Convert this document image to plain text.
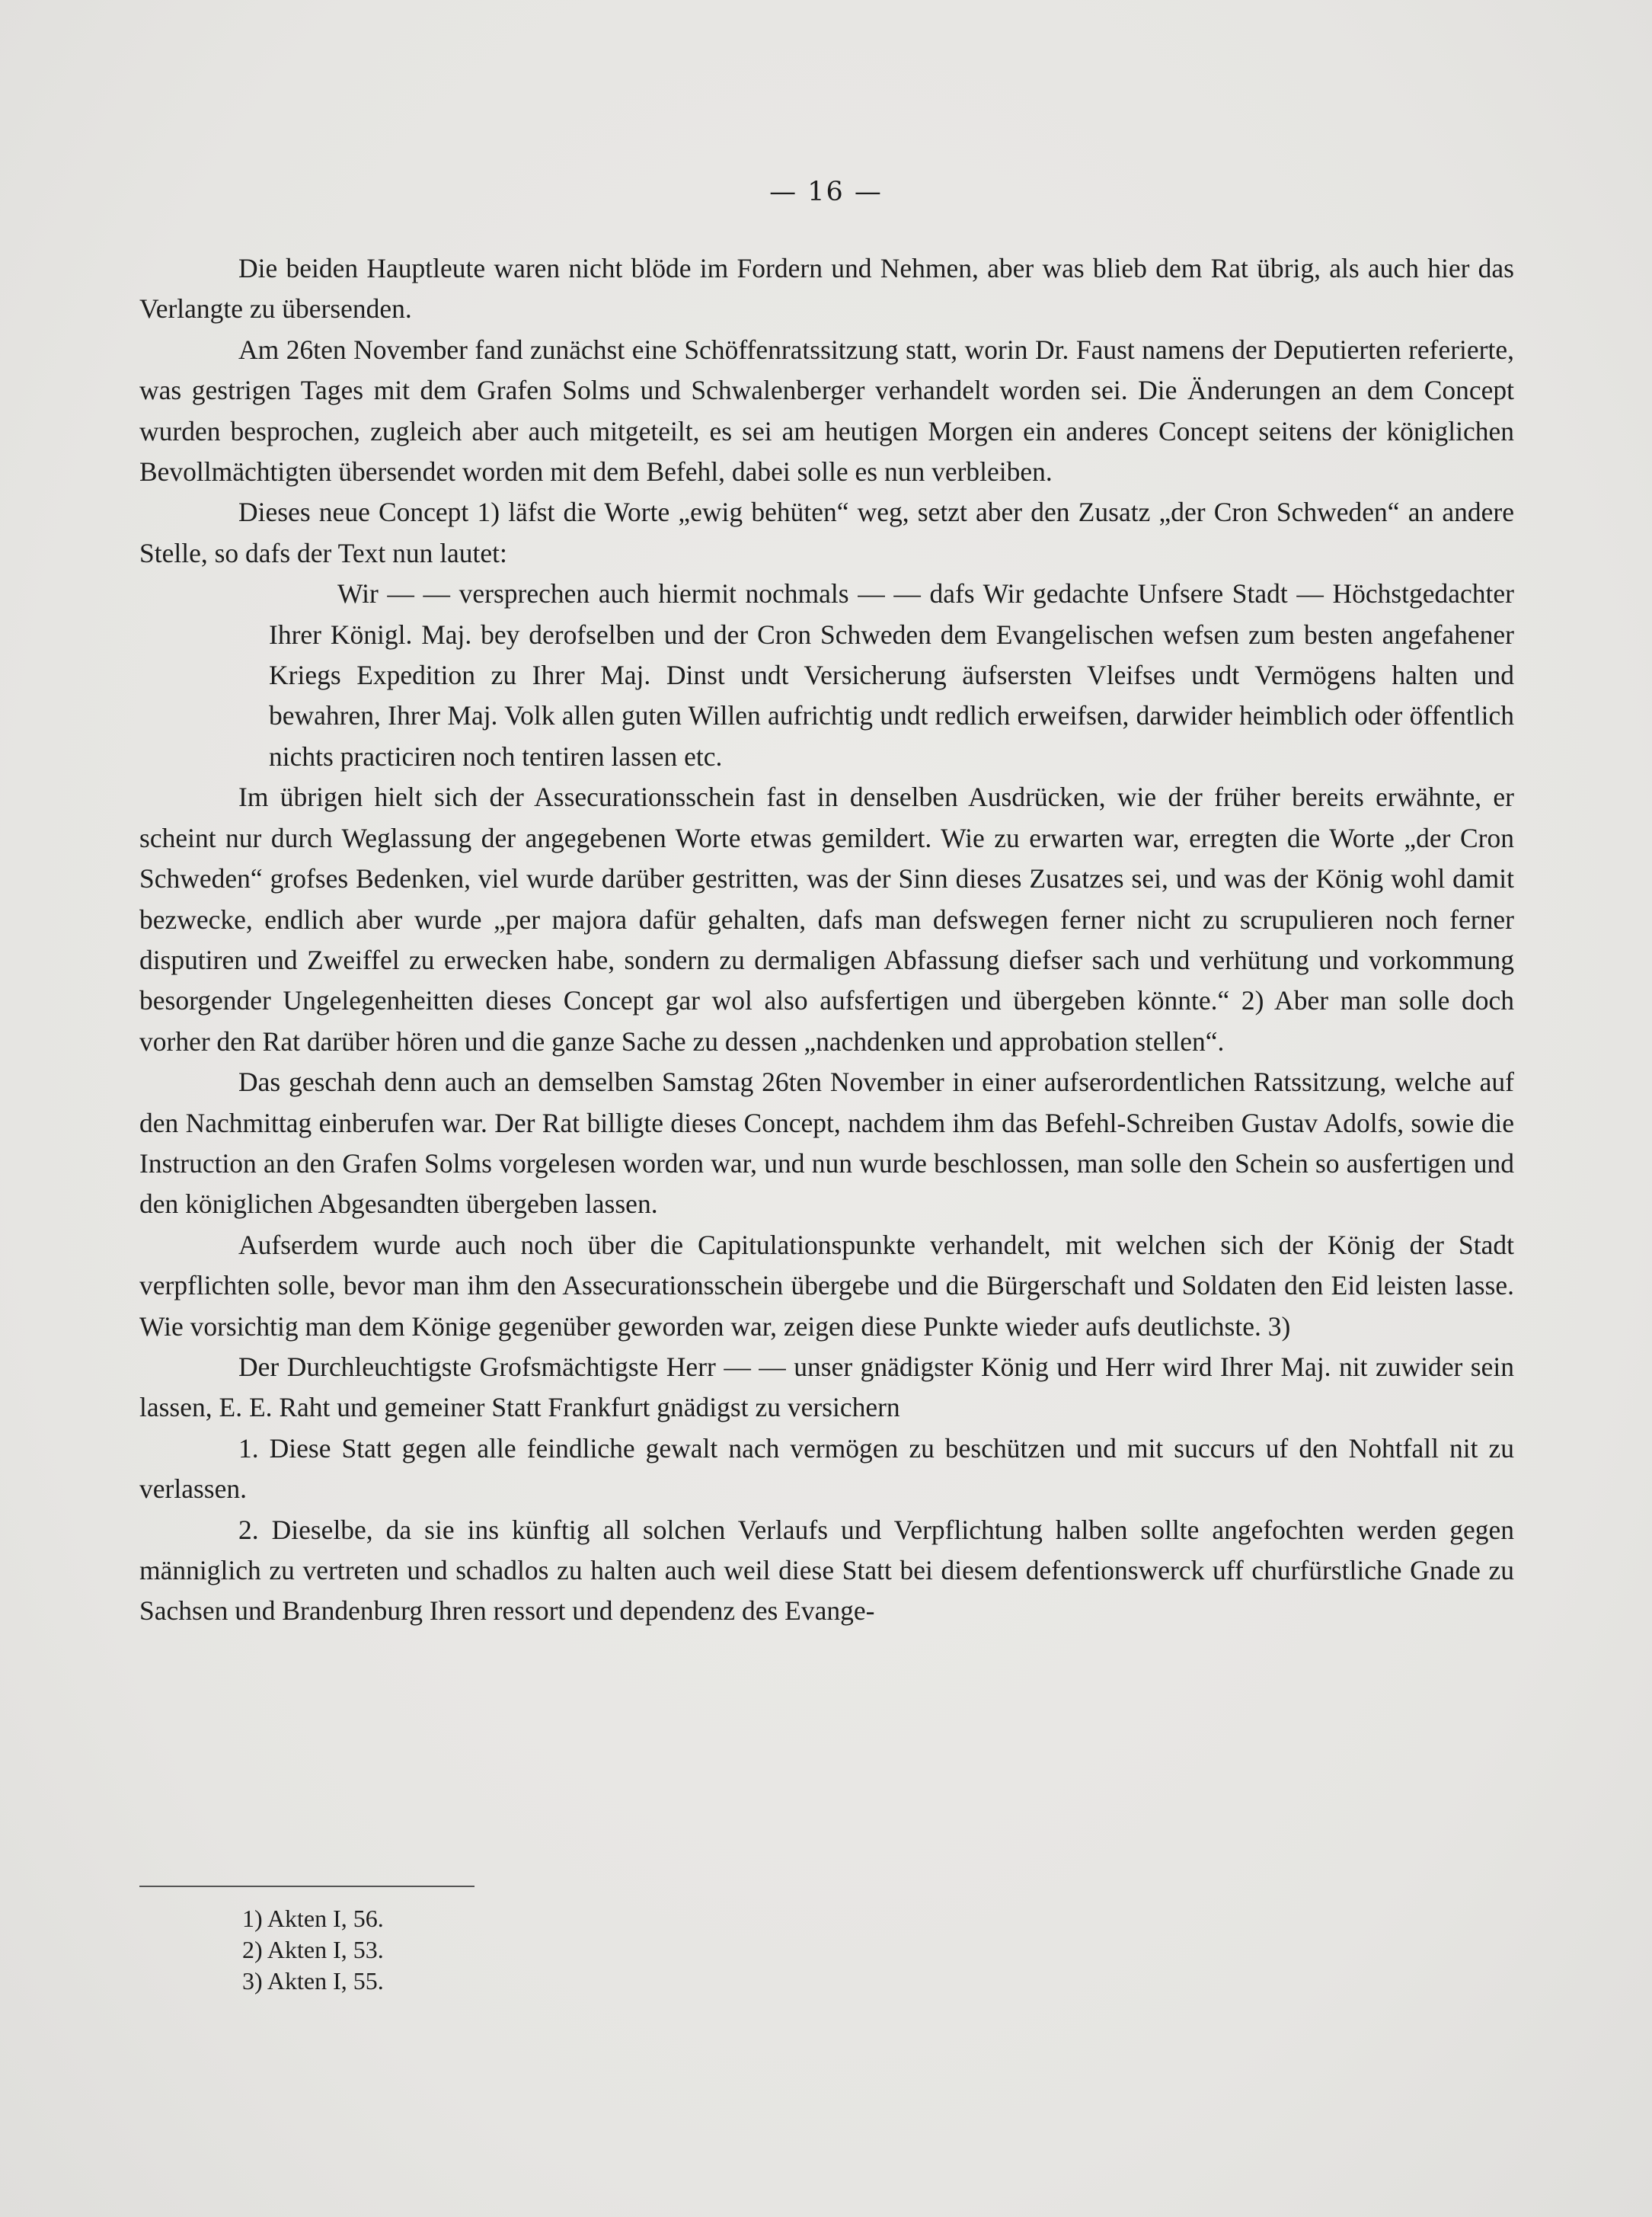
— 16 —

Die beiden Hauptleute waren nicht blöde im Fordern und Nehmen, aber was blieb dem Rat übrig, als auch hier das Verlangte zu übersenden.

Am 26ten November fand zunächst eine Schöffenratssitzung statt, worin Dr. Faust namens der Deputierten referierte, was gestrigen Tages mit dem Grafen Solms und Schwalenberger verhandelt worden sei. Die Änderungen an dem Concept wurden besprochen, zugleich aber auch mitgeteilt, es sei am heutigen Morgen ein anderes Concept seitens der königlichen Bevollmächtigten übersendet worden mit dem Befehl, dabei solle es nun verbleiben.

Dieses neue Concept 1) läfst die Worte „ewig behüten“ weg, setzt aber den Zusatz „der Cron Schweden“ an andere Stelle, so dafs der Text nun lautet:

Wir — — versprechen auch hiermit nochmals — — dafs Wir gedachte Unfsere Stadt — Höchstgedachter Ihrer Königl. Maj. bey derofselben und der Cron Schweden dem Evangelischen wefsen zum besten angefahener Kriegs Expedition zu Ihrer Maj. Dinst undt Versicherung äufsersten Vleifses undt Vermögens halten und bewahren, Ihrer Maj. Volk allen guten Willen aufrichtig undt redlich erweifsen, darwider heimblich oder öffentlich nichts practiciren noch tentiren lassen etc.

Im übrigen hielt sich der Assecurationsschein fast in denselben Ausdrücken, wie der früher bereits erwähnte, er scheint nur durch Weglassung der angegebenen Worte etwas gemildert. Wie zu erwarten war, erregten die Worte „der Cron Schweden“ grofses Bedenken, viel wurde darüber gestritten, was der Sinn dieses Zusatzes sei, und was der König wohl damit bezwecke, endlich aber wurde „per majora dafür gehalten, dafs man defswegen ferner nicht zu scrupulieren noch ferner disputiren und Zweiffel zu erwecken habe, sondern zu dermaligen Abfassung diefser sach und verhütung und vorkommung besorgender Ungelegenheitten dieses Concept gar wol also aufsfertigen und übergeben könnte.“ 2) Aber man solle doch vorher den Rat darüber hören und die ganze Sache zu dessen „nachdenken und approbation stellen“.

Das geschah denn auch an demselben Samstag 26ten November in einer aufserordentlichen Ratssitzung, welche auf den Nachmittag einberufen war. Der Rat billigte dieses Concept, nachdem ihm das Befehl-Schreiben Gustav Adolfs, sowie die Instruction an den Grafen Solms vorgelesen worden war, und nun wurde beschlossen, man solle den Schein so ausfertigen und den königlichen Abgesandten übergeben lassen.

Aufserdem wurde auch noch über die Capitulationspunkte verhandelt, mit welchen sich der König der Stadt verpflichten solle, bevor man ihm den Assecurationsschein übergebe und die Bürgerschaft und Soldaten den Eid leisten lasse. Wie vorsichtig man dem Könige gegenüber geworden war, zeigen diese Punkte wieder aufs deutlichste. 3)

Der Durchleuchtigste Grofsmächtigste Herr — — unser gnädigster König und Herr wird Ihrer Maj. nit zuwider sein lassen, E. E. Raht und gemeiner Statt Frankfurt gnädigst zu versichern

1. Diese Statt gegen alle feindliche gewalt nach vermögen zu beschützen und mit succurs uf den Nohtfall nit zu verlassen.

2. Dieselbe, da sie ins künftig all solchen Verlaufs und Verpflichtung halben sollte angefochten werden gegen männiglich zu vertreten und schadlos zu halten auch weil diese Statt bei diesem defentionswerck uff churfürstliche Gnade zu Sachsen und Brandenburg Ihren ressort und dependenz des Evange-

1) Akten I, 56.
2) Akten I, 53.
3) Akten I, 55.
